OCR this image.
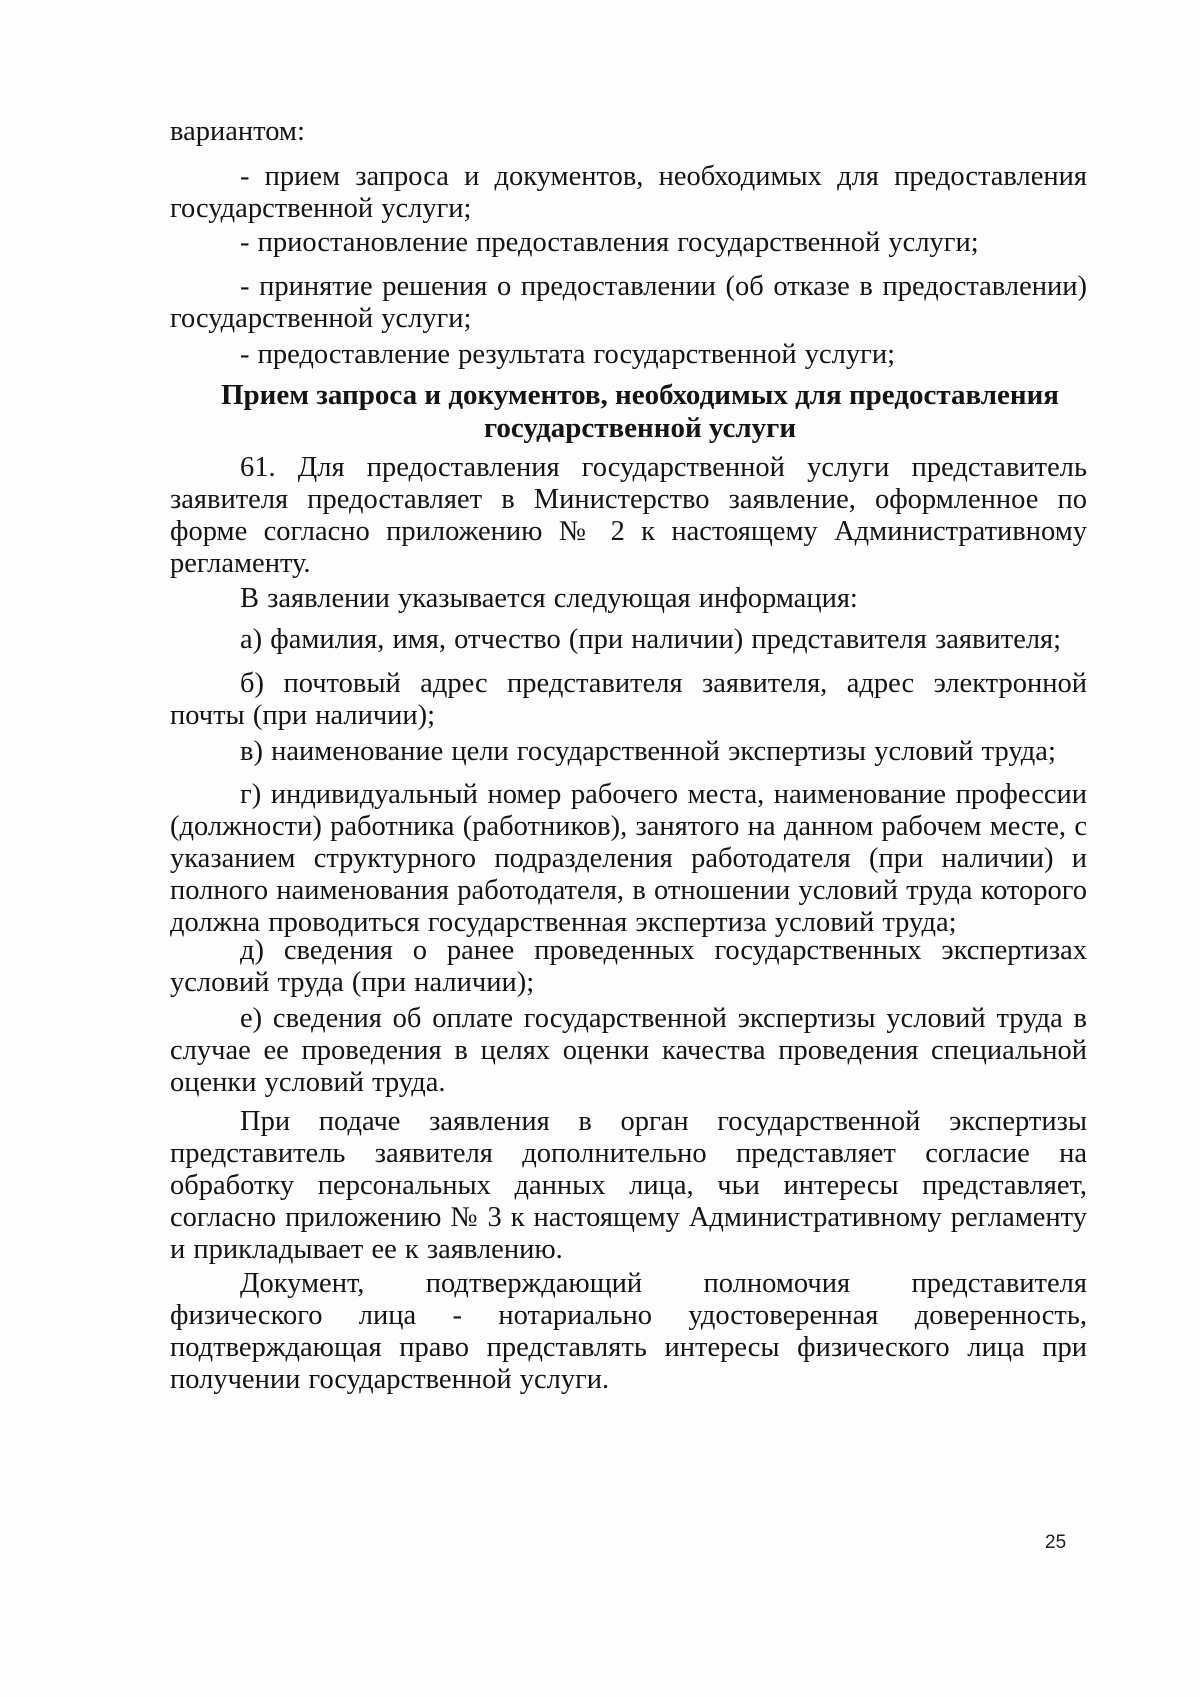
вариантом:

- прием запроса и документов, необходимых для предоставления государственной услуги;

- приостановление предоставления государственной услуги;

- принятие решения о предоставлении (об отказе в предоставлении) государственной услуги;

- предоставление результата государственной услуги;

Прием запроса и документов, необходимых для предоставления государственной услуги

61. Для предоставления государственной услуги представитель заявителя предоставляет в Министерство заявление, оформленное по форме согласно приложению № 2 к настоящему Административному регламенту.

В заявлении указывается следующая информация:

а) фамилия, имя, отчество (при наличии) представителя заявителя;

б) почтовый адрес представителя заявителя, адрес электронной почты (при наличии);

в) наименование цели государственной экспертизы условий труда;

г) индивидуальный номер рабочего места, наименование профессии (должности) работника (работников), занятого на данном рабочем месте, с указанием структурного подразделения работодателя (при наличии) и полного наименования работодателя, в отношении условий труда которого должна проводиться государственная экспертиза условий труда;

д) сведения о ранее проведенных государственных экспертизах условий труда (при наличии);

е) сведения об оплате государственной экспертизы условий труда в случае ее проведения в целях оценки качества проведения специальной оценки условий труда.

При подаче заявления в орган государственной экспертизы представитель заявителя дополнительно представляет согласие на обработку персональных данных лица, чьи интересы представляет, согласно приложению № 3 к настоящему Административному регламенту и прикладывает ее к заявлению.

Документ, подтверждающий полномочия представителя физического лица - нотариально удостоверенная доверенность, подтверждающая право представлять интересы физического лица при получении государственной услуги.

25
